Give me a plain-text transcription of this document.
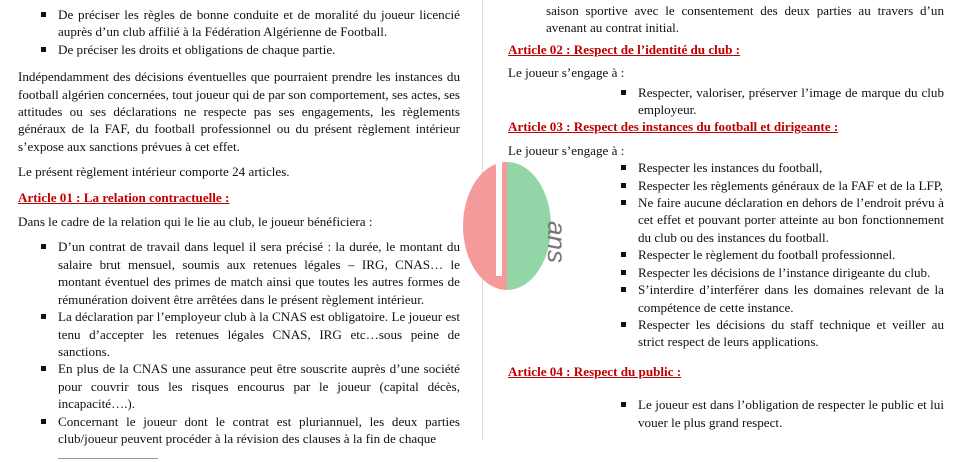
De préciser les règles de bonne conduite et de moralité du joueur licencié auprès d’un club affilié à la Fédération Algérienne de Football.
De préciser les droits et obligations de chaque partie.

Indépendamment des décisions éventuelles que pourraient prendre les instances du football algérien concernées, tout joueur qui de par son comportement, ses actes, ses attitudes ou ses déclarations ne respecte pas ses engagements, les règlements généraux de la FAF, du football professionnel ou du présent règlement intérieur s’expose aux sanctions prévues à cet effet.

Le présent règlement intérieur comporte 24 articles.

Article 01 : La relation contractuelle :

Dans le cadre de la relation qui le lie au club, le joueur bénéficiera :

D’un contrat de travail dans lequel il sera précisé : la durée, le montant du salaire brut mensuel, soumis aux retenues légales – IRG, CNAS… le montant éventuel des primes de match ainsi que toutes les autres formes de rémunération doivent être arrêtées dans le présent règlement intérieur.
La déclaration par l’employeur club à la CNAS est obligatoire. Le joueur est tenu d’accepter les retenues légales CNAS, IRG etc…sous peine de sanctions.
En plus de la CNAS une assurance peut être souscrite auprès d’une société pour couvrir tous les risques encourus par le joueur (capital décès, incapacité….).
Concernant le joueur dont le contrat est pluriannuel, les deux parties club/joueur peuvent procéder à la révision des clauses à la fin de chaque

saison sportive avec le consentement des deux parties au travers d’un avenant au contrat initial.

Article 02 : Respect de l’identité du club :

Le joueur s’engage à :

Respecter, valoriser, préserver l’image de marque du club employeur.

Article 03 : Respect des instances du football et dirigeante :

Le joueur s’engage à :

Respecter les instances du football,
Respecter les règlements généraux de la FAF et de la LFP,
Ne faire aucune déclaration en dehors de l’endroit prévu à cet effet et pouvant porter atteinte au bon fonctionnement du club ou des instances du football.
Respecter le règlement du football professionnel.
Respecter les décisions de l’instance dirigeante du club.
S’interdire d’interférer dans les domaines relevant de la compétence de cette instance.
Respecter les décisions du staff technique et veiller au strict respect de leurs applications.

Article 04 : Respect du public :

Le joueur est dans l’obligation de respecter le public et lui vouer le plus grand respect.
ans
